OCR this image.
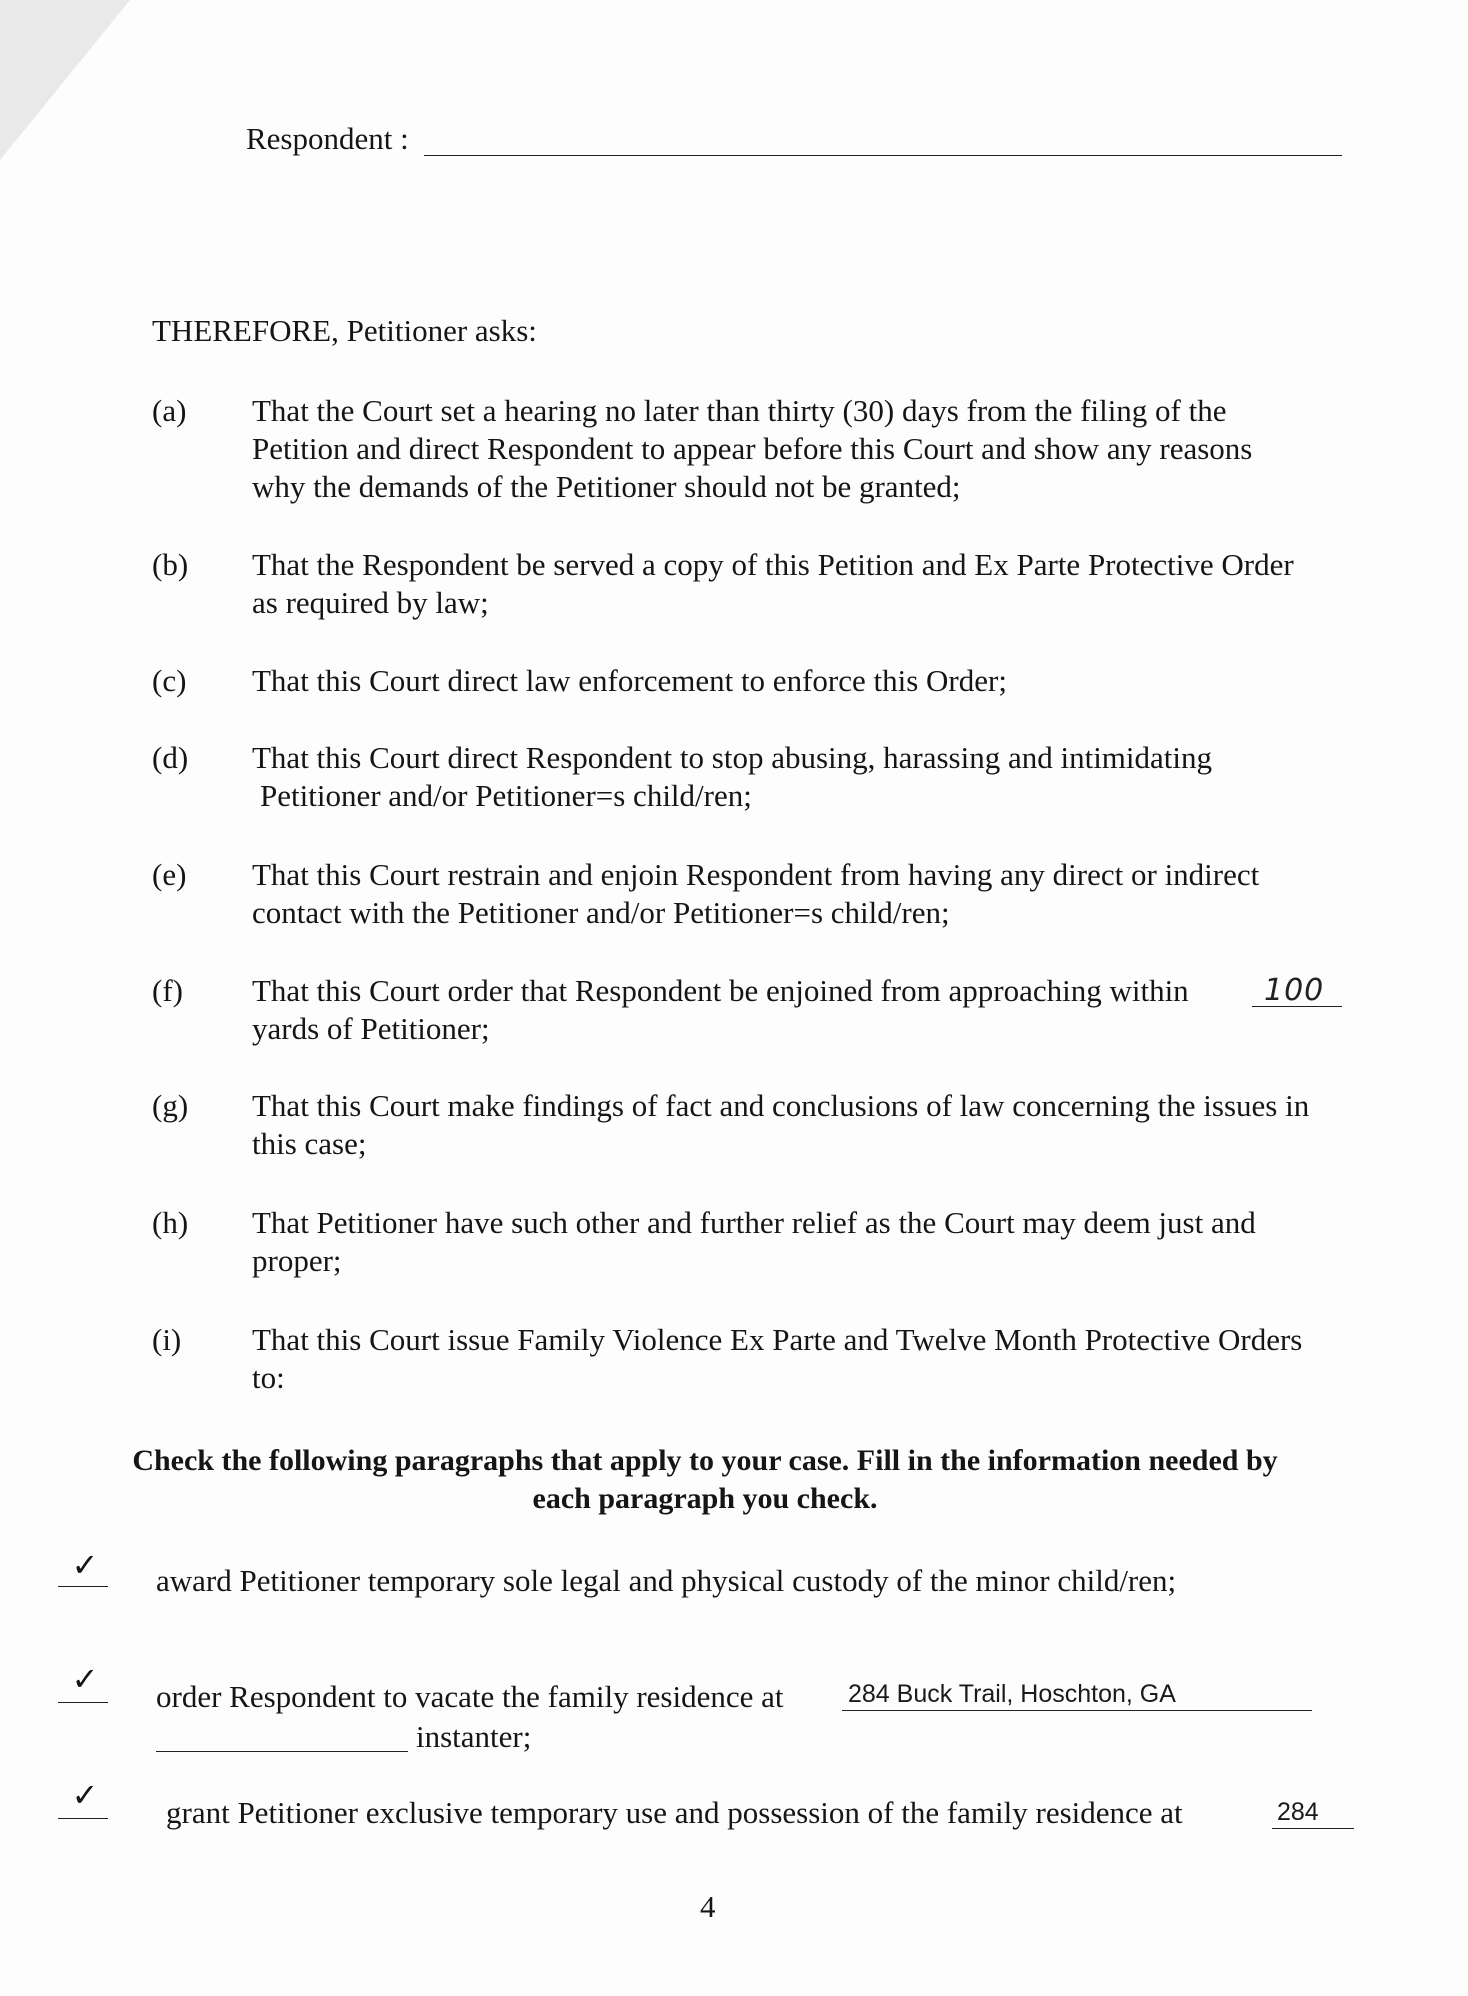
Respondent :
THEREFORE, Petitioner asks:
(a)	That the Court set a hearing no later than thirty (30) days from the filing of the
Petition and direct Respondent to appear before this Court and show any reasons
why the demands of the Petitioner should not be granted;
(b)	That the Respondent be served a copy of this Petition and Ex Parte Protective Order
as required by law;
(c)	That this Court direct law enforcement to enforce this Order;
(d)	That this Court direct Respondent to stop abusing, harassing and intimidating
Petitioner and/or Petitioner=s child/ren;
(e)	That this Court restrain and enjoin Respondent from having any direct or indirect
contact with the Petitioner and/or Petitioner=s child/ren;
(f)	That this Court order that Respondent be enjoined from approaching within
yards of Petitioner;
100
(g)	That this Court make findings of fact and conclusions of law concerning the issues in
this case;
(h)	That Petitioner have such other and further relief as the Court may deem just and
proper;
(i)	That this Court issue Family Violence Ex Parte and Twelve Month Protective Orders
to:
Check the following paragraphs that apply to your case. Fill in the information needed by
each paragraph you check.
✓	award Petitioner temporary sole legal and physical custody of the minor child/ren;
✓	order Respondent to vacate the family residence at	284 Buck Trail, Hoschton, GA
instanter;
✓	grant Petitioner exclusive temporary use and possession of the family residence at	284
4
